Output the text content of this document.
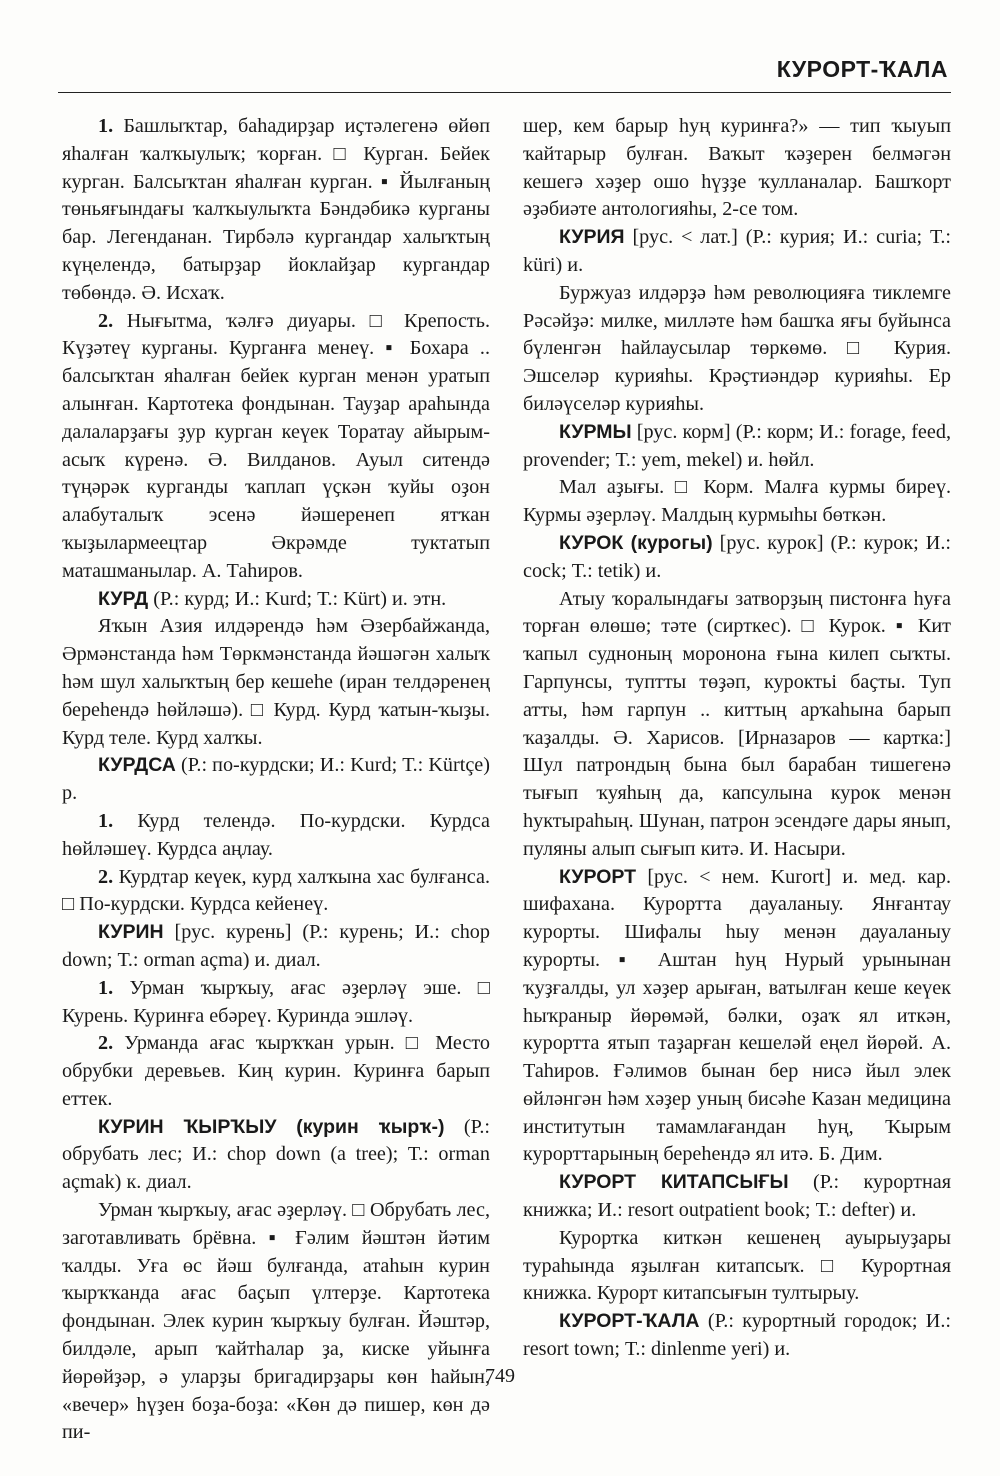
КУРОРТ-ҠАЛА

1. Башлыҡтар, баһадирҙар иҫтәлегенә өйөп яһалған ҡалҡыулыҡ; ҡорған. □ Курган. Бейек курган. Балсыҡтан яһалған курган. ▪ Йылғаның төньяғындағы ҡалҡыулыҡта Бәндәбикә курганы бар. Легенданан. Тирбәлә кургандар халыҡтың күңелендә, батырҙар йоклайҙар кургандар төбөндә. Ә. Исхаҡ.

2. Нығытма, ҡәлғә диуары. □ Крепость. Күҙәтеү курганы. Курганға менеү. ▪ Бохара .. балсыҡтан яһалған бейек курган менән уратып алынған. Картотека фондынан. Тауҙар араһында далаларҙағы ҙур курган кеүек Торатау айырым-асыҡ күренә. Ә. Вилданов. Ауыл ситендә түңәрәк курганды ҡаплап үҫкән ҡуйы оҙон алабуталыҡ эсенә йәшеренеп ятҡан ҡыҙылармеецтар Әкрәмде туктатып маташманылар. А. Таһиров.

КУРД (Р.: курд; И.: Kurd; Т.: Kürt) и. этн.

Яҡын Азия илдәрендә һәм Әзербайжанда, Әрмәнстанда һәм Төркмәнстанда йәшәгән халыҡ һәм шул халыҡтың бер кешеһе (иран телдәренең береһендә һөйләшә). □ Курд. Курд ҡатын-ҡыҙы. Курд теле. Курд халҡы.

КУРДСА (Р.: по-курдски; И.: Kurd; Т.: Kürtçe) р.

1. Курд телендә. По-курдски. Курдса һөйләшеү. Курдса аңлау.

2. Курдтар кеүек, курд халҡына хас булғанса. □ По-курдски. Курдса кейенеү.

КУРИН [рус. курень] (Р.: курень; И.: chop down; Т.: orman açma) и. диал.

1. Урман ҡырҡыу, ағас әҙерләү эше. □ Курень. Куринға ебәреү. Куринда эшләү.

2. Урманда ағас ҡырҡҡан урын. □ Место обрубки деревьев. Киң курин. Куринға барып еттек.

КУРИН ҠЫРҠЫУ (курин ҡырҡ-) (Р.: обрубать лес; И.: chop down (a tree); Т.: orman açmak) к. диал.

Урман ҡырҡыу, ағас әҙерләү. □ Обрубать лес, заготавливать брёвна. ▪ Ғәлим йәштән йәтим ҡалды. Уға өс йәш булғанда, атаһын курин ҡырҡҡанда ағас баҫып үлтерҙе. Картотека фондынан. Элек курин ҡырҡыу булған. Йәштәр, билдәле, арып ҡайтһалар ҙа, киске уйынға йөрөйҙәр, ә уларҙы бригадирҙары көн һайын, «вечер» һүҙен боҙа-боҙа: «Көн дә пишер, көн дә пи-

шер, кем барыр һуң куринға?» — тип ҡыуып ҡайтарыр булған. Ваҡыт ҡәҙерен белмәгән кешегә хәҙер ошо һүҙҙе ҡулланалар. Башҡорт әҙәбиәте антологияһы, 2-се том.

КУРИЯ [рус. < лат.] (Р.: курия; И.: curia; Т.: küri) и.

Буржуаз илдәрҙә һәм революцияға тиклемге Рәсәйҙә: милке, милләте һәм башҡа яғы буйынса бүленгән һайлаусылар төркөмө. □ Курия. Эшселәр курияһы. Крәҫтиәндәр курияһы. Ер биләүселәр курияһы.

КУРМЫ [рус. корм] (Р.: корм; И.: forage, feed, provender; Т.: yem, mekel) и. һөйл.

Мал аҙығы. □ Корм. Малға курмы биреү. Курмы әҙерләү. Малдың курмыһы бөткән.

КУРОК (курогы) [рус. курок] (Р.: курок; И.: cock; Т.: tetik) и.

Атыу ҡоралындағы затворҙың пистонға һуға торған өлөшө; тәте (сирткес). □ Курок. ▪ Кит ҡапыл судноның моронона ғына килеп сыҡты. Гарпунсы, туптты төҙәп, куроктьі баҫты. Туп атты, һәм гарпун .. киттың арҡаһына барып ҡаҙалды. Ә. Харисов. [Ирназаров — картка:] Шул патрондың бына был барабан тишегенә тығып ҡуяһың да, капсулына курок менән һуктыраһың. Шунан, патрон эсендәге дары янып, пуляны алып сығып китә. И. Насыри.

КУРОРТ [рус. < нем. Kurort] и. мед. кар. шифахана. Курортта дауаланыу. Янғантау курорты. Шифалы һыу менән дауаланыу курорты. ▪ Аштан һуң Нурый урынынан ҡуҙғалды, ул хәҙер арыған, ватылған кеше кеүек һыҡраныҏ йөрөмәй, бәлки, оҙаҡ ял иткән, курортта ятып таҙарған кешеләй еңел йөрөй. А. Таһиров. Ғәлимов бынан бер нисә йыл элек өйләнгән һәм хәҙер уның бисәһе Казан медицина институтын тамамлағандан һуң, Ҡырым курорттарының береһендә ял итә. Б. Дим.

КУРОРТ КИТАПСЫҒЫ (Р.: курортная книжка; И.: resort outpatient book; Т.: defter) и.

Курортка киткән кешенең ауырыуҙары тураһында яҙылған китапсыҡ. □ Курортная книжка. Курорт китапсығын тултырыу.

КУРОРТ-ҠАЛА (Р.: курортный городок; И.: resort town; Т.: dinlenme yeri) и.

749
